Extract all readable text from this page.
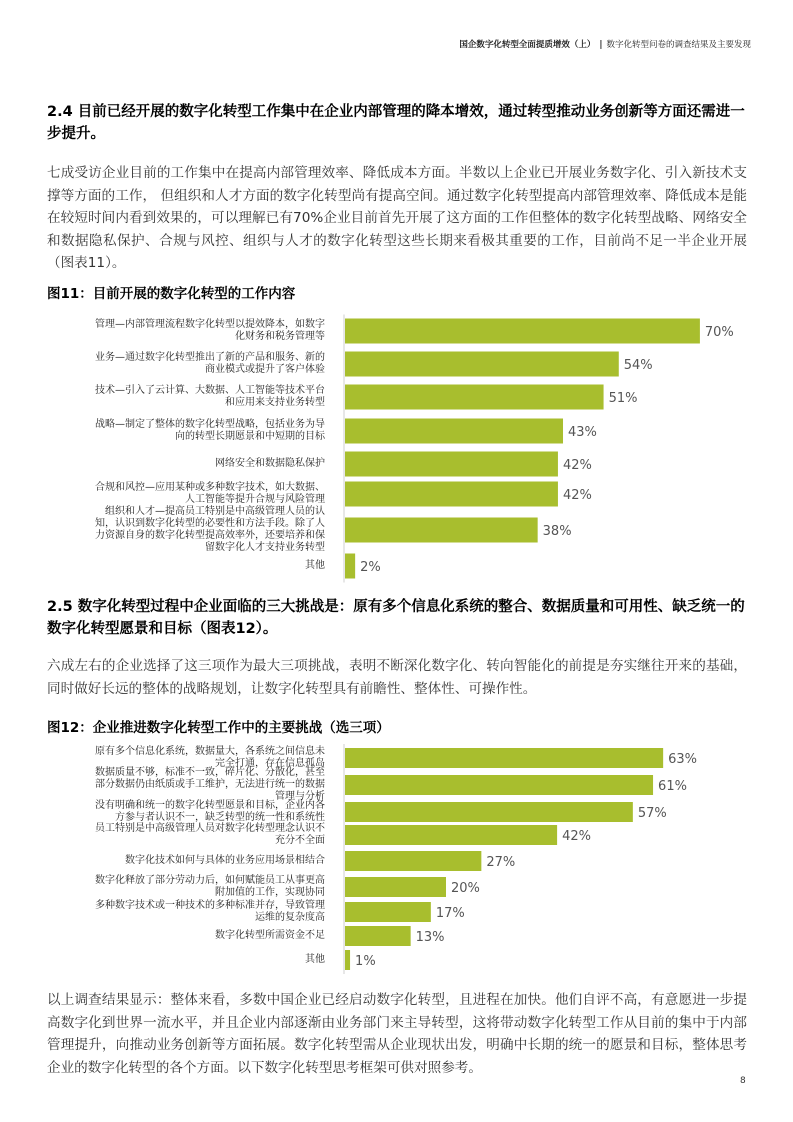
国企数字化转型全面提质增效（上） | 数字化转型问卷的调查结果及主要发现
2.4 目前已经开展的数字化转型工作集中在企业内部管理的降本增效，通过转型推动业务创新等方面还需进一步提升。
七成受访企业目前的工作集中在提高内部管理效率、降低成本方面。半数以上企业已开展业务数字化、引入新技术支撑等方面的工作， 但组织和人才方面的数字化转型尚有提高空间。通过数字化转型提高内部管理效率、降低成本是能在较短时间内看到效果的，可以理解已有70%企业目前首先开展了这方面的工作但整体的数字化转型战略、网络安全和数据隐私保护、合规与风控、组织与人才的数字化转型这些长期来看极其重要的工作，目前尚不足一半企业开展（图表11）。
图11：目前开展的数字化转型的工作内容
70%
54%
51%
43%
42%
42%
38%
2%
管理—内部管理流程数字化转型以提效降本，如数字
化财务和税务管理等
业务—通过数字化转型推出了新的产品和服务、新的
商业模式或提升了客户体验
技术—引入了云计算、大数据、人工智能等技术平台
和应用来支持业务转型
战略—制定了整体的数字化转型战略，包括业务为导
向的转型长期愿景和中短期的目标
网络安全和数据隐私保护
合规和风控—应用某种或多种数字技术，如大数据、
人工智能等提升合规与风险管理
组织和人才—提高员工特别是中高级管理人员的认
知，认识到数字化转型的必要性和方法手段。除了人
力资源自身的数字化转型提高效率外，还要培养和保
留数字化人才支持业务转型
其他
2.5 数字化转型过程中企业面临的三大挑战是：原有多个信息化系统的整合、数据质量和可用性、缺乏统一的数字化转型愿景和目标（图表12）。
六成左右的企业选择了这三项作为最大三项挑战，表明不断深化数字化、转向智能化的前提是夯实继往开来的基础，同时做好长远的整体的战略规划，让数字化转型具有前瞻性、整体性、可操作性。
图12：企业推进数字化转型工作中的主要挑战（选三项）
63%
61%
57%
42%
27%
20%
17%
13%
1%
原有多个信息化系统，数据量大，各系统之间信息未
完全打通，存在信息孤岛
数据质量不够，标准不一致，碎片化、分散化，甚至
部分数据仍由纸质或手工维护，无法进行统一的数据
管理与分析
没有明确和统一的数字化转型愿景和目标，企业内各
方参与者认识不一，缺乏转型的统一性和系统性
员工特别是中高级管理人员对数字化转型理念认识不
充分不全面
数字化技术如何与具体的业务应用场景相结合
数字化释放了部分劳动力后，如何赋能员工从事更高
附加值的工作，实现协同
多种数字技术或一种技术的多种标准并存，导致管理
运维的复杂度高
数字化转型所需资金不足
其他
以上调查结果显示：整体来看，多数中国企业已经启动数字化转型，且进程在加快。他们自评不高，有意愿进一步提高数字化到世界一流水平，并且企业内部逐渐由业务部门来主导转型，这将带动数字化转型工作从目前的集中于内部管理提升，向推动业务创新等方面拓展。数字化转型需从企业现状出发，明确中长期的统一的愿景和目标，整体思考企业的数字化转型的各个方面。以下数字化转型思考框架可供对照参考。
8
